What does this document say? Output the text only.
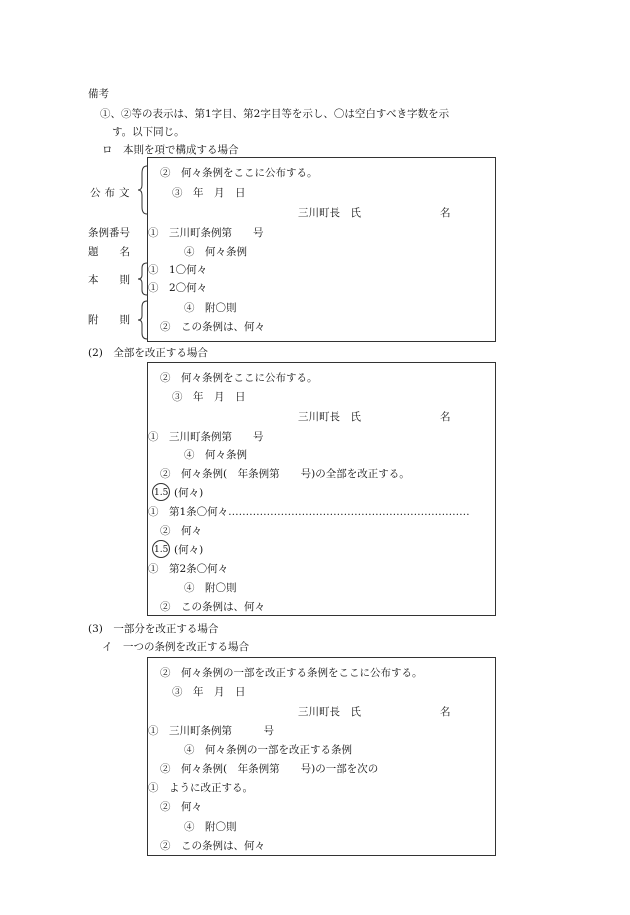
備考
①、②等の表示は、第1字目、第2字目等を示し、〇は空白すべき字数を示
す。以下同じ。
ロ　本則を項で構成する場合
公布文
②　何々条例をここに公布する。
③　年　月　日
三川町長　氏	名
条例番号 ①　三川町条例第　　号
題　　名	④　何々条例
本　　則
①　1〇何々
①　2〇何々
附　　則
④　附〇則
②　この条例は、何々
(2)　全部を改正する場合
②　何々条例をここに公布する。
③　年　月　日
三川町長　氏	名
①　三川町条例第　　号
④　何々条例
②　何々条例(　年条例第　　号)の全部を改正する。
1.5 (何々)
①　第1条〇何々……………………………………………………………
②　何々
1.5 (何々)
①　第2条〇何々
④　附〇則
②　この条例は、何々
(3)　一部分を改正する場合
イ　一つの条例を改正する場合
②　何々条例の一部を改正する条例をここに公布する。
③　年　月　日
三川町長　氏	名
①　三川町条例第　　　号
④　何々条例の一部を改正する条例
②　何々条例(　年条例第　　号)の一部を次の
①　ように改正する。
②　何々
④　附〇則
②　この条例は、何々
